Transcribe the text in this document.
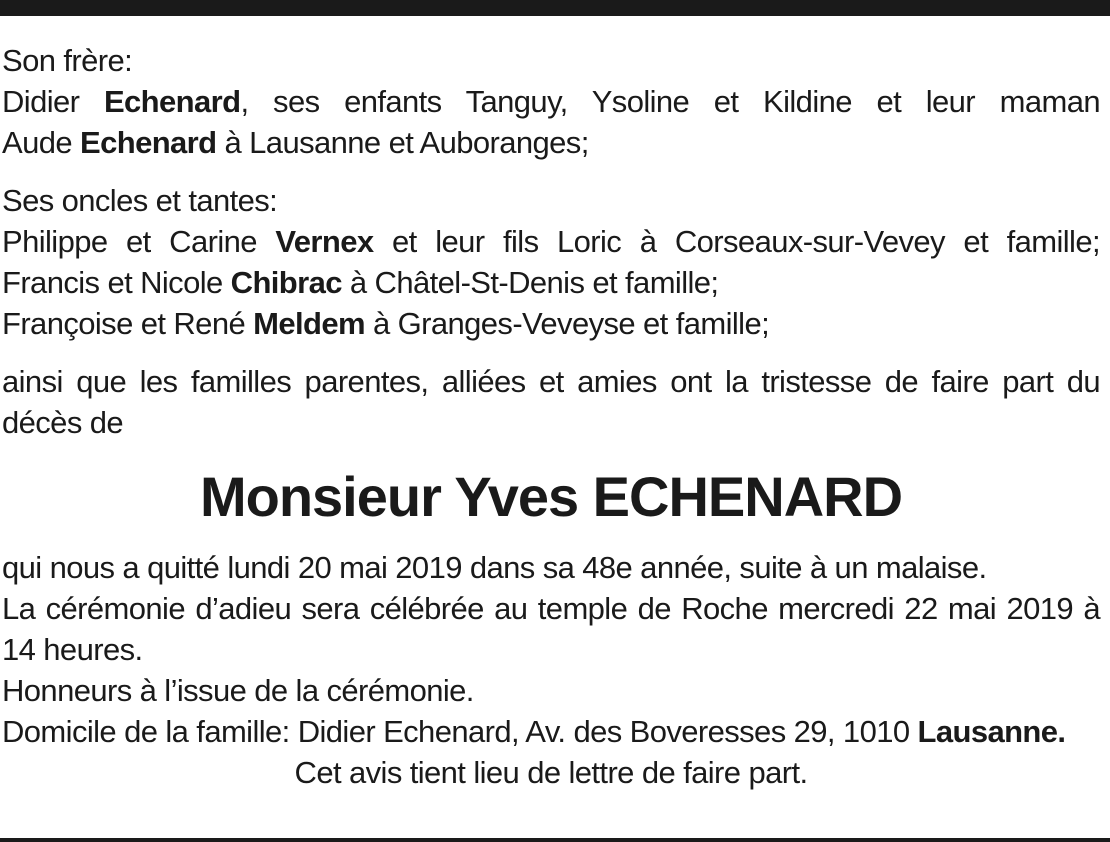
Son frère:

Didier Echenard, ses enfants Tanguy, Ysoline et Kildine et leur maman

Aude Echenard à Lausanne et Auboranges;

Ses oncles et tantes:

Philippe et Carine Vernex et leur fils Loric à Corseaux-sur-Vevey et famille;

Francis et Nicole Chibrac à Châtel-St-Denis et famille;

Françoise et René Meldem à Granges-Veveyse et famille;

ainsi que les familles parentes, alliées et amies ont la tristesse de faire part du décès de

Monsieur Yves ECHENARD

qui nous a quitté lundi 20 mai 2019 dans sa 48e année, suite à un malaise.

La cérémonie d’adieu sera célébrée au temple de Roche mercredi 22 mai 2019 à 14 heures.

Honneurs à l’issue de la cérémonie.

Domicile de la famille: Didier Echenard, Av. des Boveresses 29, 1010 Lausanne.

Cet avis tient lieu de lettre de faire part.
